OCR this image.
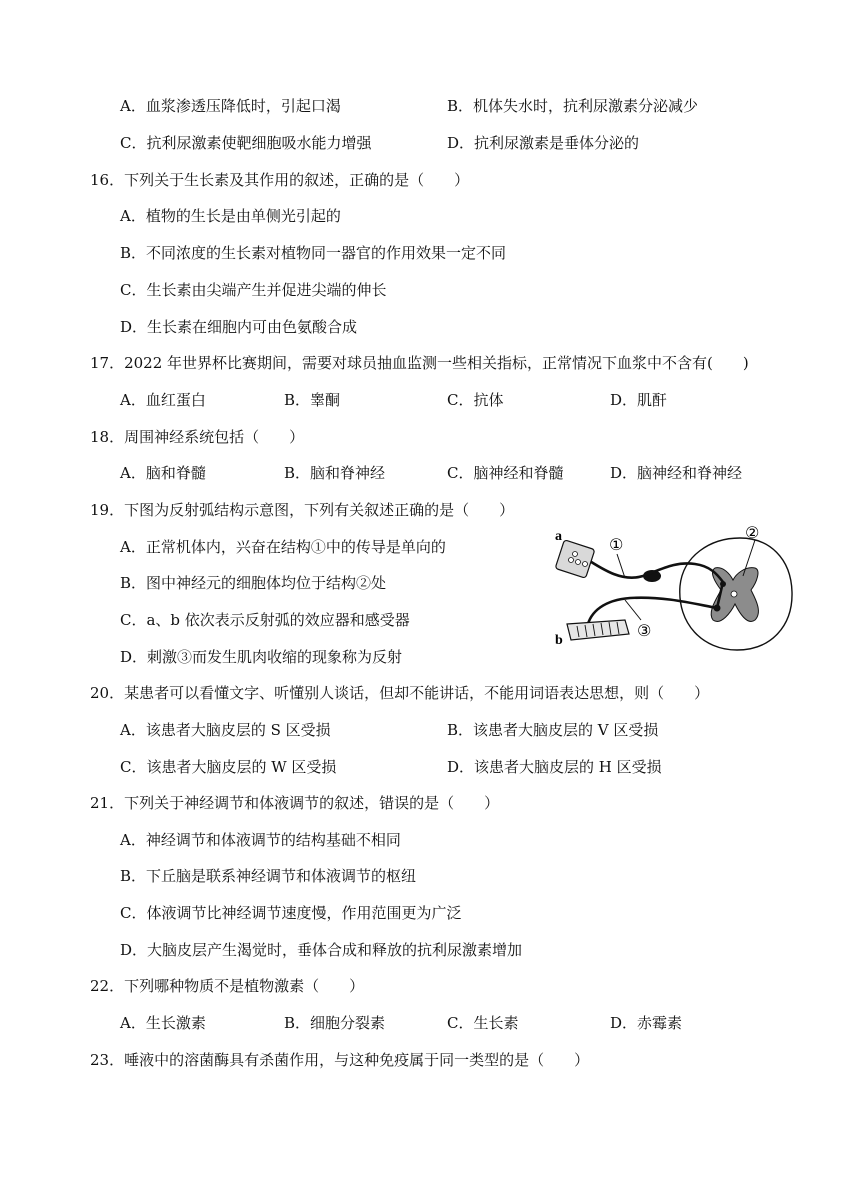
A．血浆渗透压降低时，引起口渴	B．机体失水时，抗利尿激素分泌减少
C．抗利尿激素使靶细胞吸水能力增强	D．抗利尿激素是垂体分泌的
16．下列关于生长素及其作用的叙述，正确的是（　　）
A．植物的生长是由单侧光引起的
B．不同浓度的生长素对植物同一器官的作用效果一定不同
C．生长素由尖端产生并促进尖端的伸长
D．生长素在细胞内可由色氨酸合成
17．2022 年世界杯比赛期间，需要对球员抽血监测一些相关指标，正常情况下血浆中不含有(　　)
A．血红蛋白	B．睾酮	C．抗体	D．肌酐
18．周围神经系统包括（　　）
A．脑和脊髓	B．脑和脊神经	C．脑神经和脊髓	D．脑神经和脊神经
19．下图为反射弧结构示意图，下列有关叙述正确的是（　　）
A．正常机体内，兴奋在结构①中的传导是单向的
B．图中神经元的细胞体均位于结构②处
C．a、b 依次表示反射弧的效应器和感受器
D．刺激③而发生肌肉收缩的现象称为反射
a
b
①
②
③
20．某患者可以看懂文字、听懂别人谈话，但却不能讲话，不能用词语表达思想，则（　　）
A．该患者大脑皮层的 S 区受损	B．该患者大脑皮层的 V 区受损
C．该患者大脑皮层的 W 区受损	D．该患者大脑皮层的 H 区受损
21．下列关于神经调节和体液调节的叙述，错误的是（　　）
A．神经调节和体液调节的结构基础不相同
B．下丘脑是联系神经调节和体液调节的枢纽
C．体液调节比神经调节速度慢，作用范围更为广泛
D．大脑皮层产生渴觉时，垂体合成和释放的抗利尿激素增加
22．下列哪种物质不是植物激素（　　）
A．生长激素	B．细胞分裂素	C．生长素	D．赤霉素
23．唾液中的溶菌酶具有杀菌作用，与这种免疫属于同一类型的是（　　）
